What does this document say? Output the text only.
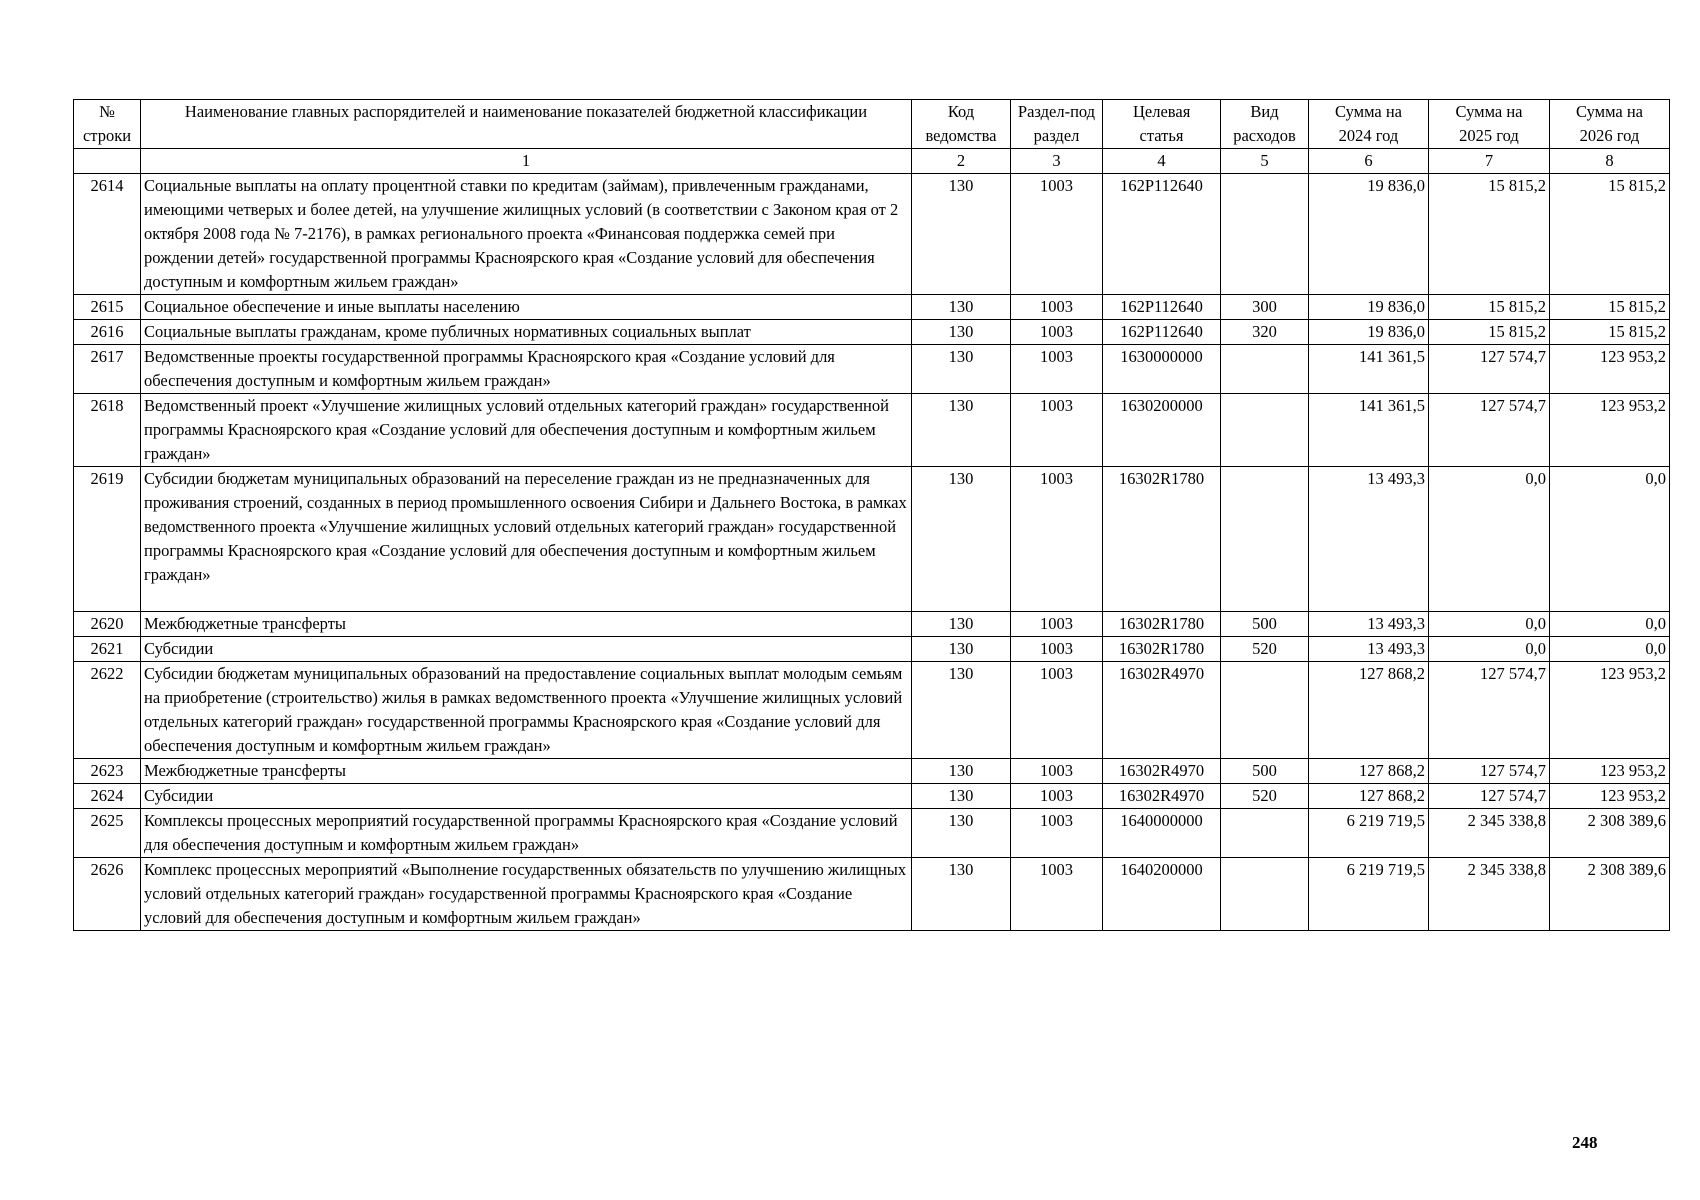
№ строки	Наименование главных распорядителей и наименование показателей бюджетной классификации	Код ведомства	Раздел-подраздел	Целевая статья	Вид расходов	Сумма на 2024 год	Сумма на 2025 год	Сумма на 2026 год
	1	2	3	4	5	6	7	8
2614	Социальные выплаты на оплату процентной ставки по кредитам (займам), привлеченным гражданами, имеющими четверых и более детей, на улучшение жилищных условий (в соответствии с Законом края от 2 октября 2008 года № 7-2176), в рамках регионального проекта «Финансовая поддержка семей при рождении детей» государственной программы Красноярского края «Создание условий для обеспечения доступным и комфортным жильем граждан»	130	1003	162P112640		19 836,0	15 815,2	15 815,2
2615	Социальное обеспечение и иные выплаты населению	130	1003	162P112640	300	19 836,0	15 815,2	15 815,2
2616	Социальные выплаты гражданам, кроме публичных нормативных социальных выплат	130	1003	162P112640	320	19 836,0	15 815,2	15 815,2
2617	Ведомственные проекты государственной программы Красноярского края «Создание условий для обеспечения доступным и комфортным жильем граждан»	130	1003	1630000000		141 361,5	127 574,7	123 953,2
2618	Ведомственный проект «Улучшение жилищных условий отдельных категорий граждан» государственной программы Красноярского края «Создание условий для обеспечения доступным и комфортным жильем граждан»	130	1003	1630200000		141 361,5	127 574,7	123 953,2
2619	Субсидии бюджетам муниципальных образований на переселение граждан из не предназначенных для проживания строений, созданных в период промышленного освоения Сибири и Дальнего Востока, в рамках ведомственного проекта «Улучшение жилищных условий отдельных категорий граждан» государственной программы Красноярского края «Создание условий для обеспечения доступным и комфортным жильем граждан»	130	1003	16302R1780		13 493,3	0,0	0,0
2620	Межбюджетные трансферты	130	1003	16302R1780	500	13 493,3	0,0	0,0
2621	Субсидии	130	1003	16302R1780	520	13 493,3	0,0	0,0
2622	Субсидии бюджетам муниципальных образований на предоставление социальных выплат молодым семьям на приобретение (строительство) жилья в рамках ведомственного проекта «Улучшение жилищных условий отдельных категорий граждан» государственной программы Красноярского края «Создание условий для обеспечения доступным и комфортным жильем граждан»	130	1003	16302R4970		127 868,2	127 574,7	123 953,2
2623	Межбюджетные трансферты	130	1003	16302R4970	500	127 868,2	127 574,7	123 953,2
2624	Субсидии	130	1003	16302R4970	520	127 868,2	127 574,7	123 953,2
2625	Комплексы процессных мероприятий государственной программы Красноярского края «Создание условий для обеспечения доступным и комфортным жильем граждан»	130	1003	1640000000		6 219 719,5	2 345 338,8	2 308 389,6
2626	Комплекс процессных мероприятий «Выполнение государственных обязательств по улучшению жилищных условий отдельных категорий граждан» государственной программы Красноярского края «Создание условий для обеспечения доступным и комфортным жильем граждан»	130	1003	1640200000		6 219 719,5	2 345 338,8	2 308 389,6
248
